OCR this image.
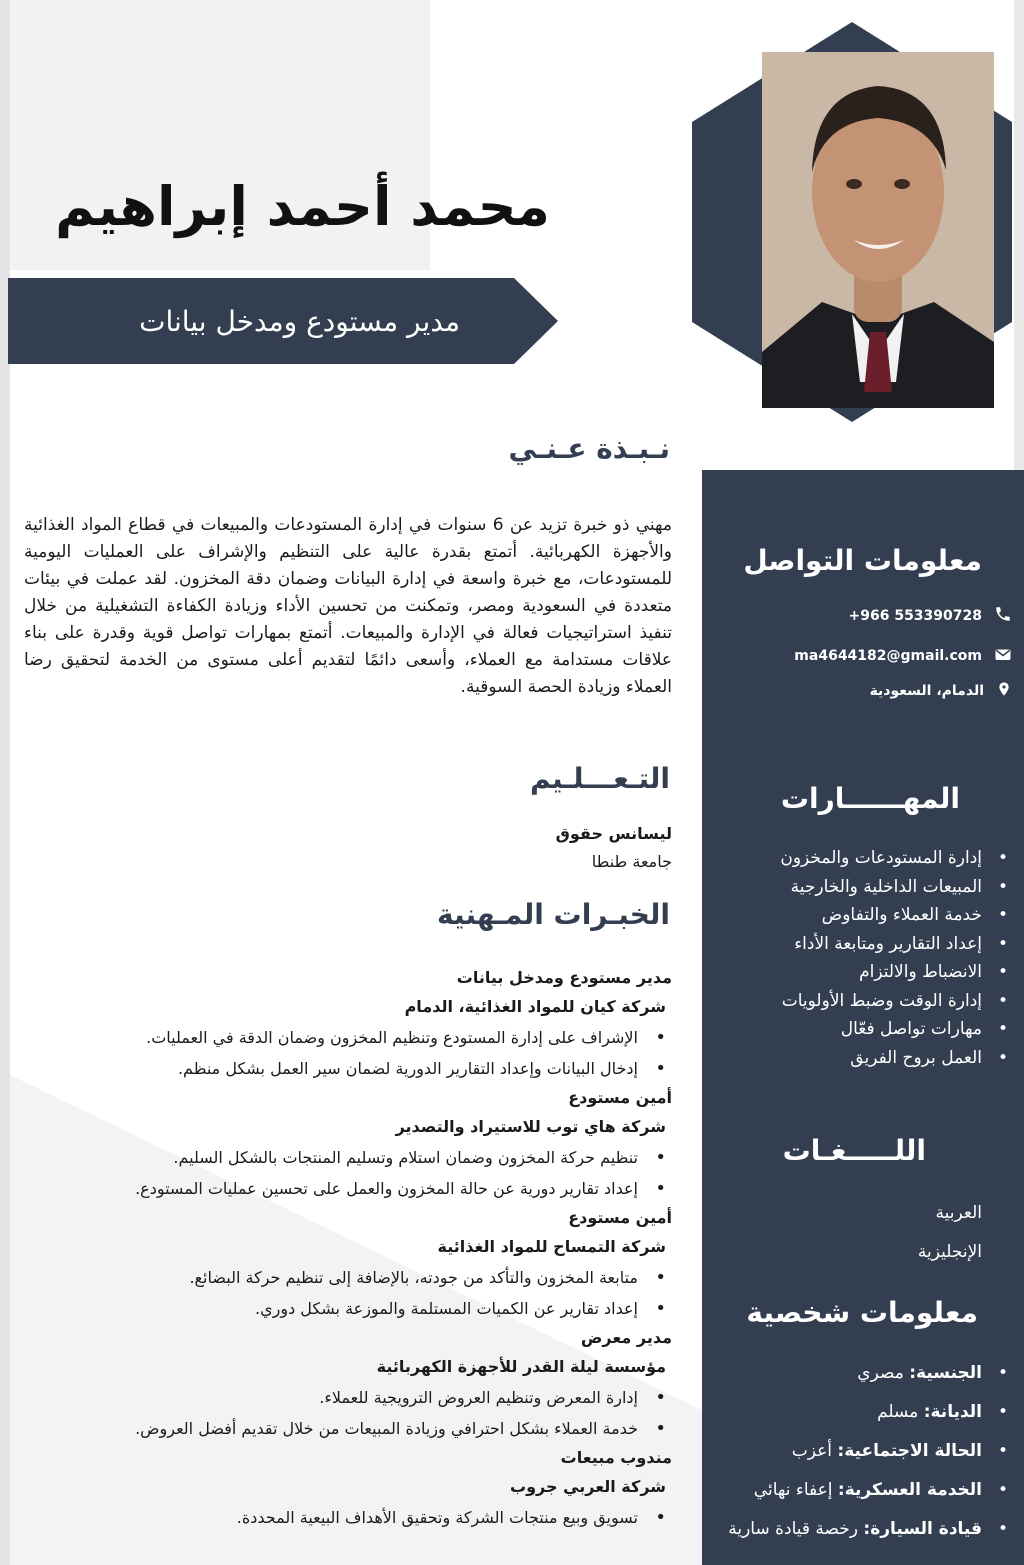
محمد أحمد إبراهيم
مدير مستودع ومدخل بيانات
نـبـذة عـنـي
مهني ذو خبرة تزيد عن 6 سنوات في إدارة المستودعات والمبيعات في قطاع المواد الغذائية والأجهزة الكهربائية. أتمتع بقدرة عالية على التنظيم والإشراف على العمليات اليومية للمستودعات، مع خبرة واسعة في إدارة البيانات وضمان دقة المخزون. لقد عملت في بيئات متعددة في السعودية ومصر، وتمكنت من تحسين الأداء وزيادة الكفاءة التشغيلية من خلال تنفيذ استراتيجيات فعالة في الإدارة والمبيعات. أتمتع بمهارات تواصل قوية وقدرة على بناء علاقات مستدامة مع العملاء، وأسعى دائمًا لتقديم أعلى مستوى من الخدمة لتحقيق رضا العملاء وزيادة الحصة السوقية.
التـعـــلـيم
ليسانس حقوق
جامعة طنطا
الخبـرات المـهنية
مدير مستودع ومدخل بيانات
شركة كيان للمواد الغذائية، الدمام
• الإشراف على إدارة المستودع وتنظيم المخزون وضمان الدقة في العمليات.
• إدخال البيانات وإعداد التقارير الدورية لضمان سير العمل بشكل منظم.
أمين مستودع
شركة هاي توب للاستيراد والتصدير
• تنظيم حركة المخزون وضمان استلام وتسليم المنتجات بالشكل السليم.
• إعداد تقارير دورية عن حالة المخزون والعمل على تحسين عمليات المستودع.
أمين مستودع
شركة التمساح للمواد الغذائية
• متابعة المخزون والتأكد من جودته، بالإضافة إلى تنظيم حركة البضائع.
• إعداد تقارير عن الكميات المستلمة والموزعة بشكل دوري.
مدير معرض
مؤسسة ليلة القدر للأجهزة الكهربائية
• إدارة المعرض وتنظيم العروض الترويجية للعملاء.
• خدمة العملاء بشكل احترافي وزيادة المبيعات من خلال تقديم أفضل العروض.
مندوب مبيعات
شركة العربي جروب
• تسويق وبيع منتجات الشركة وتحقيق الأهداف البيعية المحددة.
معلومات التواصل
+966 553390728
ma4644182@gmail.com
الدمام، السعودية
المهــــــارات
• إدارة المستودعات والمخزون
• المبيعات الداخلية والخارجية
• خدمة العملاء والتفاوض
• إعداد التقارير ومتابعة الأداء
• الانضباط والالتزام
• إدارة الوقت وضبط الأولويات
• مهارات تواصل فعّال
• العمل بروح الفريق
اللـــــغـات
العربية
الإنجليزية
معلومات شخصية
• الجنسية: مصري
• الديانة: مسلم
• الحالة الاجتماعية: أعزب
• الخدمة العسكرية: إعفاء نهائي
• قيادة السيارة: رخصة قيادة سارية
